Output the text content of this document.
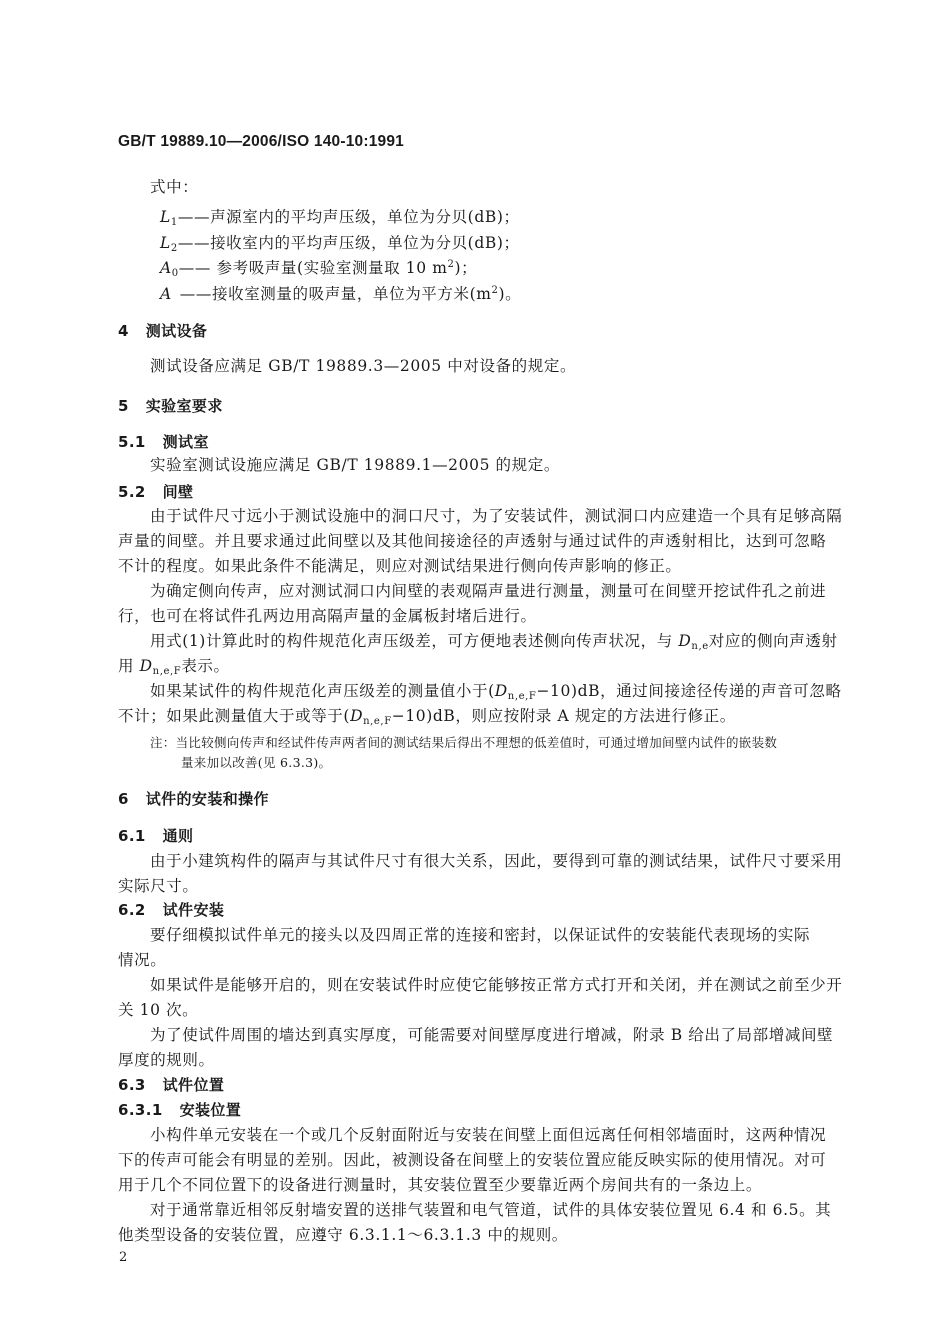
GB/T 19889.10—2006/ISO 140-10:1991
式中：
$L_1——$声源室内的平均声压级，单位为分贝(dB)；
$L_2——$接收室内的平均声压级，单位为分贝(dB)；
$A_0——$ 参考吸声量(实验室测量取 10 $m^2$)；
A ——接收室测量的吸声量，单位为平方米$(m^2)$。
4 测试设备
测试设备应满足 GB/T 19889.3—2005 中对设备的规定。
5 实验室要求
5.1 测试室
实验室测试设施应满足 GB/T 19889.1—2005 的规定。
5.2 间壁
由于试件尺寸远小于测试设施中的洞口尺寸，为了安装试件，测试洞口内应建造一个具有足够高隔
声量的间壁。并且要求通过此间壁以及其他间接途径的声透射与通过试件的声透射相比，达到可忽略
不计的程度。如果此条件不能满足，则应对测试结果进行侧向传声影响的修正。
为确定侧向传声，应对测试洞口内间壁的表观隔声量进行测量，测量可在间壁开挖试件孔之前进
行，也可在将试件孔两边用高隔声量的金属板封堵后进行。
用式(1)计算此时的构件规范化声压级差，可方便地表述侧向传声状况，与 $D_{n,e}$对应的侧向声透射
用 $D_{n,e,F}$表示。
如果某试件的构件规范化声压级差的测量值小于$(D_{n,e,F}-10)dB$，通过间接途径传递的声音可忽略
不计；如果此测量值大于或等于$(D_{n,e,F}-10)dB$，则应按附录 A 规定的方法进行修正。
注：当比较侧向传声和经试件传声两者间的测试结果后得出不理想的低差值时，可通过增加间壁内试件的嵌装数
量来加以改善(见 6.3.3)。
6 试件的安装和操作
6.1 通则
由于小建筑构件的隔声与其试件尺寸有很大关系，因此，要得到可靠的测试结果，试件尺寸要采用
实际尺寸。
6.2 试件安装
要仔细模拟试件单元的接头以及四周正常的连接和密封，以保证试件的安装能代表现场的实际
情况。
如果试件是能够开启的，则在安装试件时应使它能够按正常方式打开和关闭，并在测试之前至少开
关 10 次。
为了使试件周围的墙达到真实厚度，可能需要对间壁厚度进行增减，附录 B 给出了局部增减间壁
厚度的规则。
6.3 试件位置
6.3.1 安装位置
小构件单元安装在一个或几个反射面附近与安装在间壁上面但远离任何相邻墙面时，这两种情况
下的传声可能会有明显的差别。因此，被测设备在间壁上的安装位置应能反映实际的使用情况。对可
用于几个不同位置下的设备进行测量时，其安装位置至少要靠近两个房间共有的一条边上。
对于通常靠近相邻反射墙安置的送排气装置和电气管道，试件的具体安装位置见 6.4 和 6.5。其
他类型设备的安装位置，应遵守 6.3.1.1～6.3.1.3 中的规则。
2
